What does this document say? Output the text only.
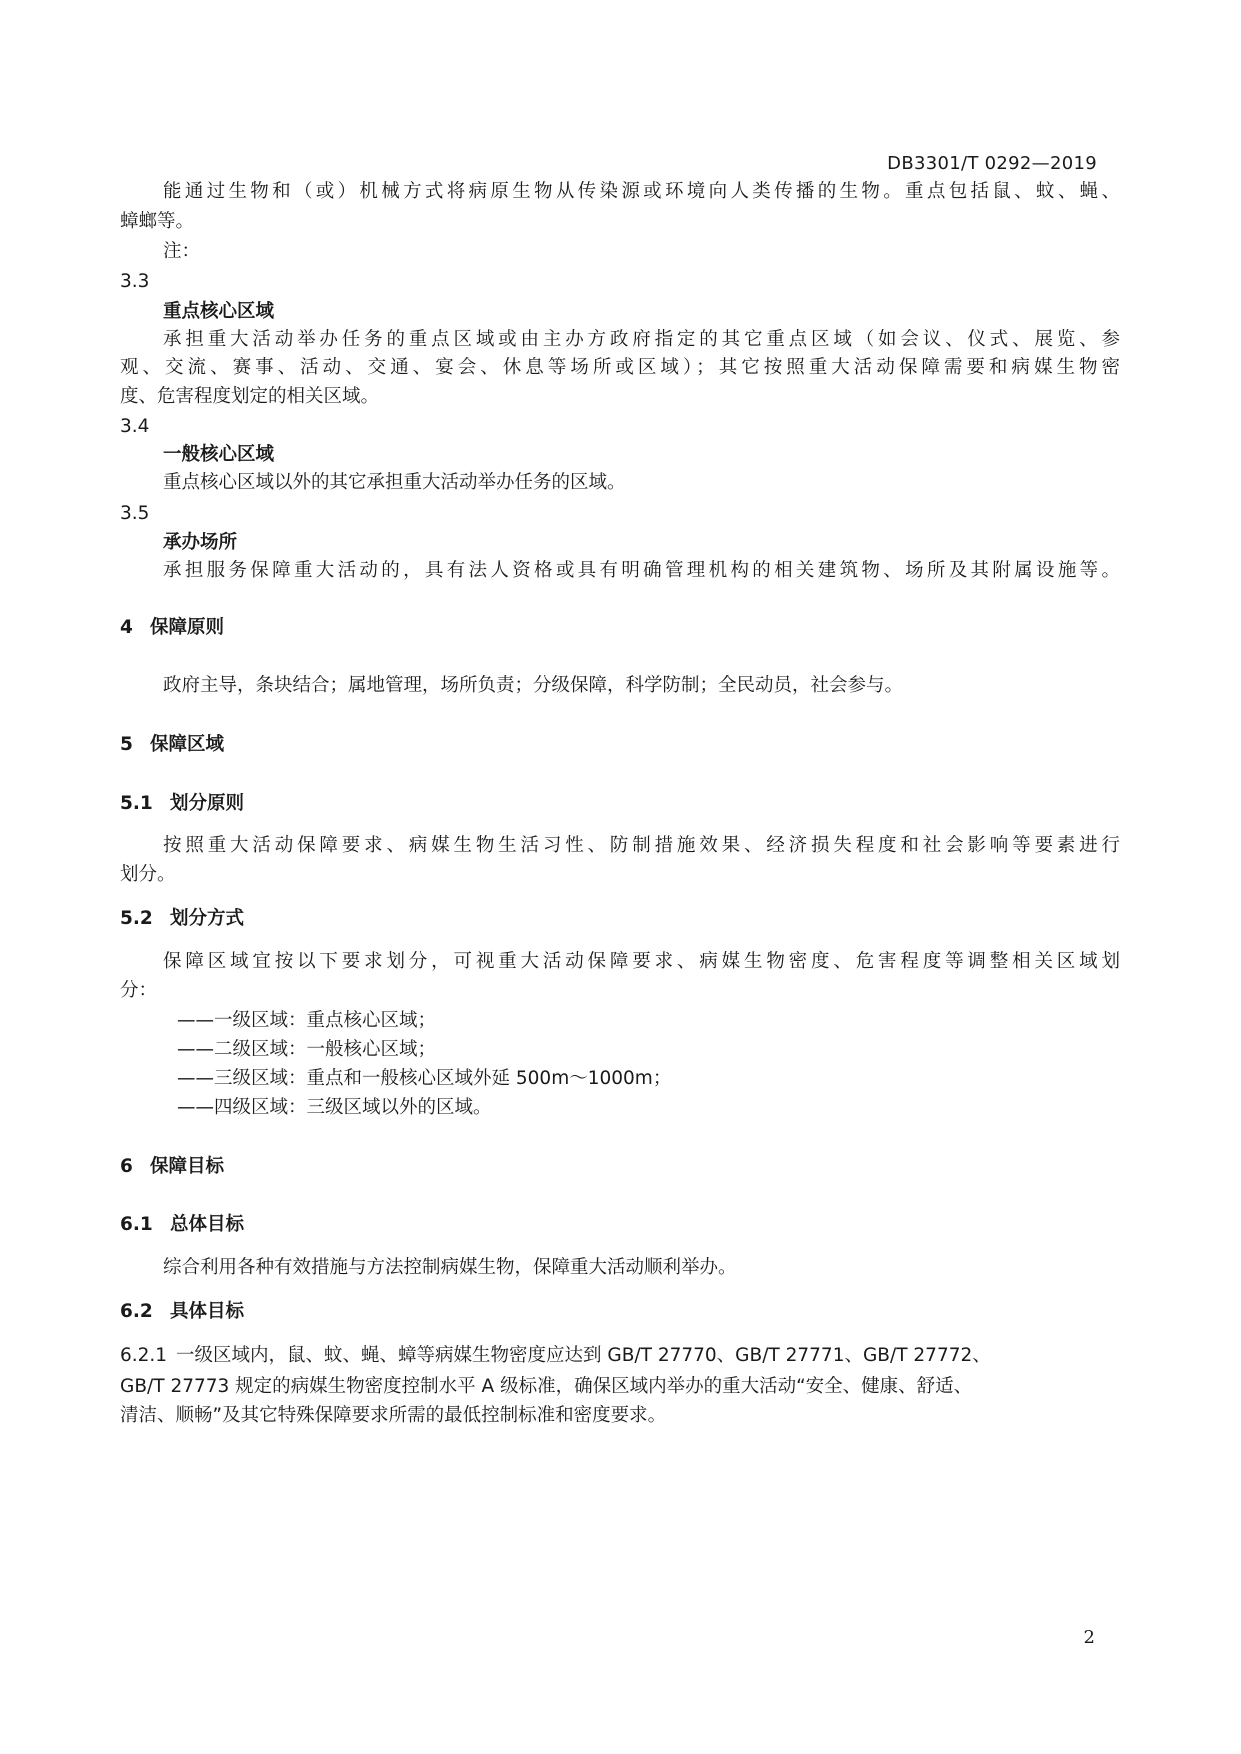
DB3301/T 0292—2019
能通过生物和（或）机械方式将病原生物从传染源或环境向人类传播的生物。重点包括鼠、蚊、蝇、
蟑螂等。
注：
3.3
重点核心区域
承担重大活动举办任务的重点区域或由主办方政府指定的其它重点区域（如会议、仪式、展览、参
观、交流、赛事、活动、交通、宴会、休息等场所或区域）；其它按照重大活动保障需要和病媒生物密
度、危害程度划定的相关区域。
3.4
一般核心区域
重点核心区域以外的其它承担重大活动举办任务的区域。
3.5
承办场所
承担服务保障重大活动的，具有法人资格或具有明确管理机构的相关建筑物、场所及其附属设施等。
4 保障原则
政府主导，条块结合；属地管理，场所负责；分级保障，科学防制；全民动员，社会参与。
5 保障区域
5.1 划分原则
按照重大活动保障要求、病媒生物生活习性、防制措施效果、经济损失程度和社会影响等要素进行
划分。
5.2 划分方式
保障区域宜按以下要求划分，可视重大活动保障要求、病媒生物密度、危害程度等调整相关区域划
分：
——一级区域：重点核心区域；
——二级区域：一般核心区域；
——三级区域：重点和一般核心区域外延 500m～1000m；
——四级区域：三级区域以外的区域。
6 保障目标
6.1 总体目标
综合利用各种有效措施与方法控制病媒生物，保障重大活动顺利举办。
6.2 具体目标
6.2.1 一级区域内，鼠、蚊、蝇、蟑等病媒生物密度应达到 GB/T 27770、GB/T 27771、GB/T 27772、
GB/T 27773 规定的病媒生物密度控制水平 A 级标准，确保区域内举办的重大活动“安全、健康、舒适、
清洁、顺畅”及其它特殊保障要求所需的最低控制标准和密度要求。
2
